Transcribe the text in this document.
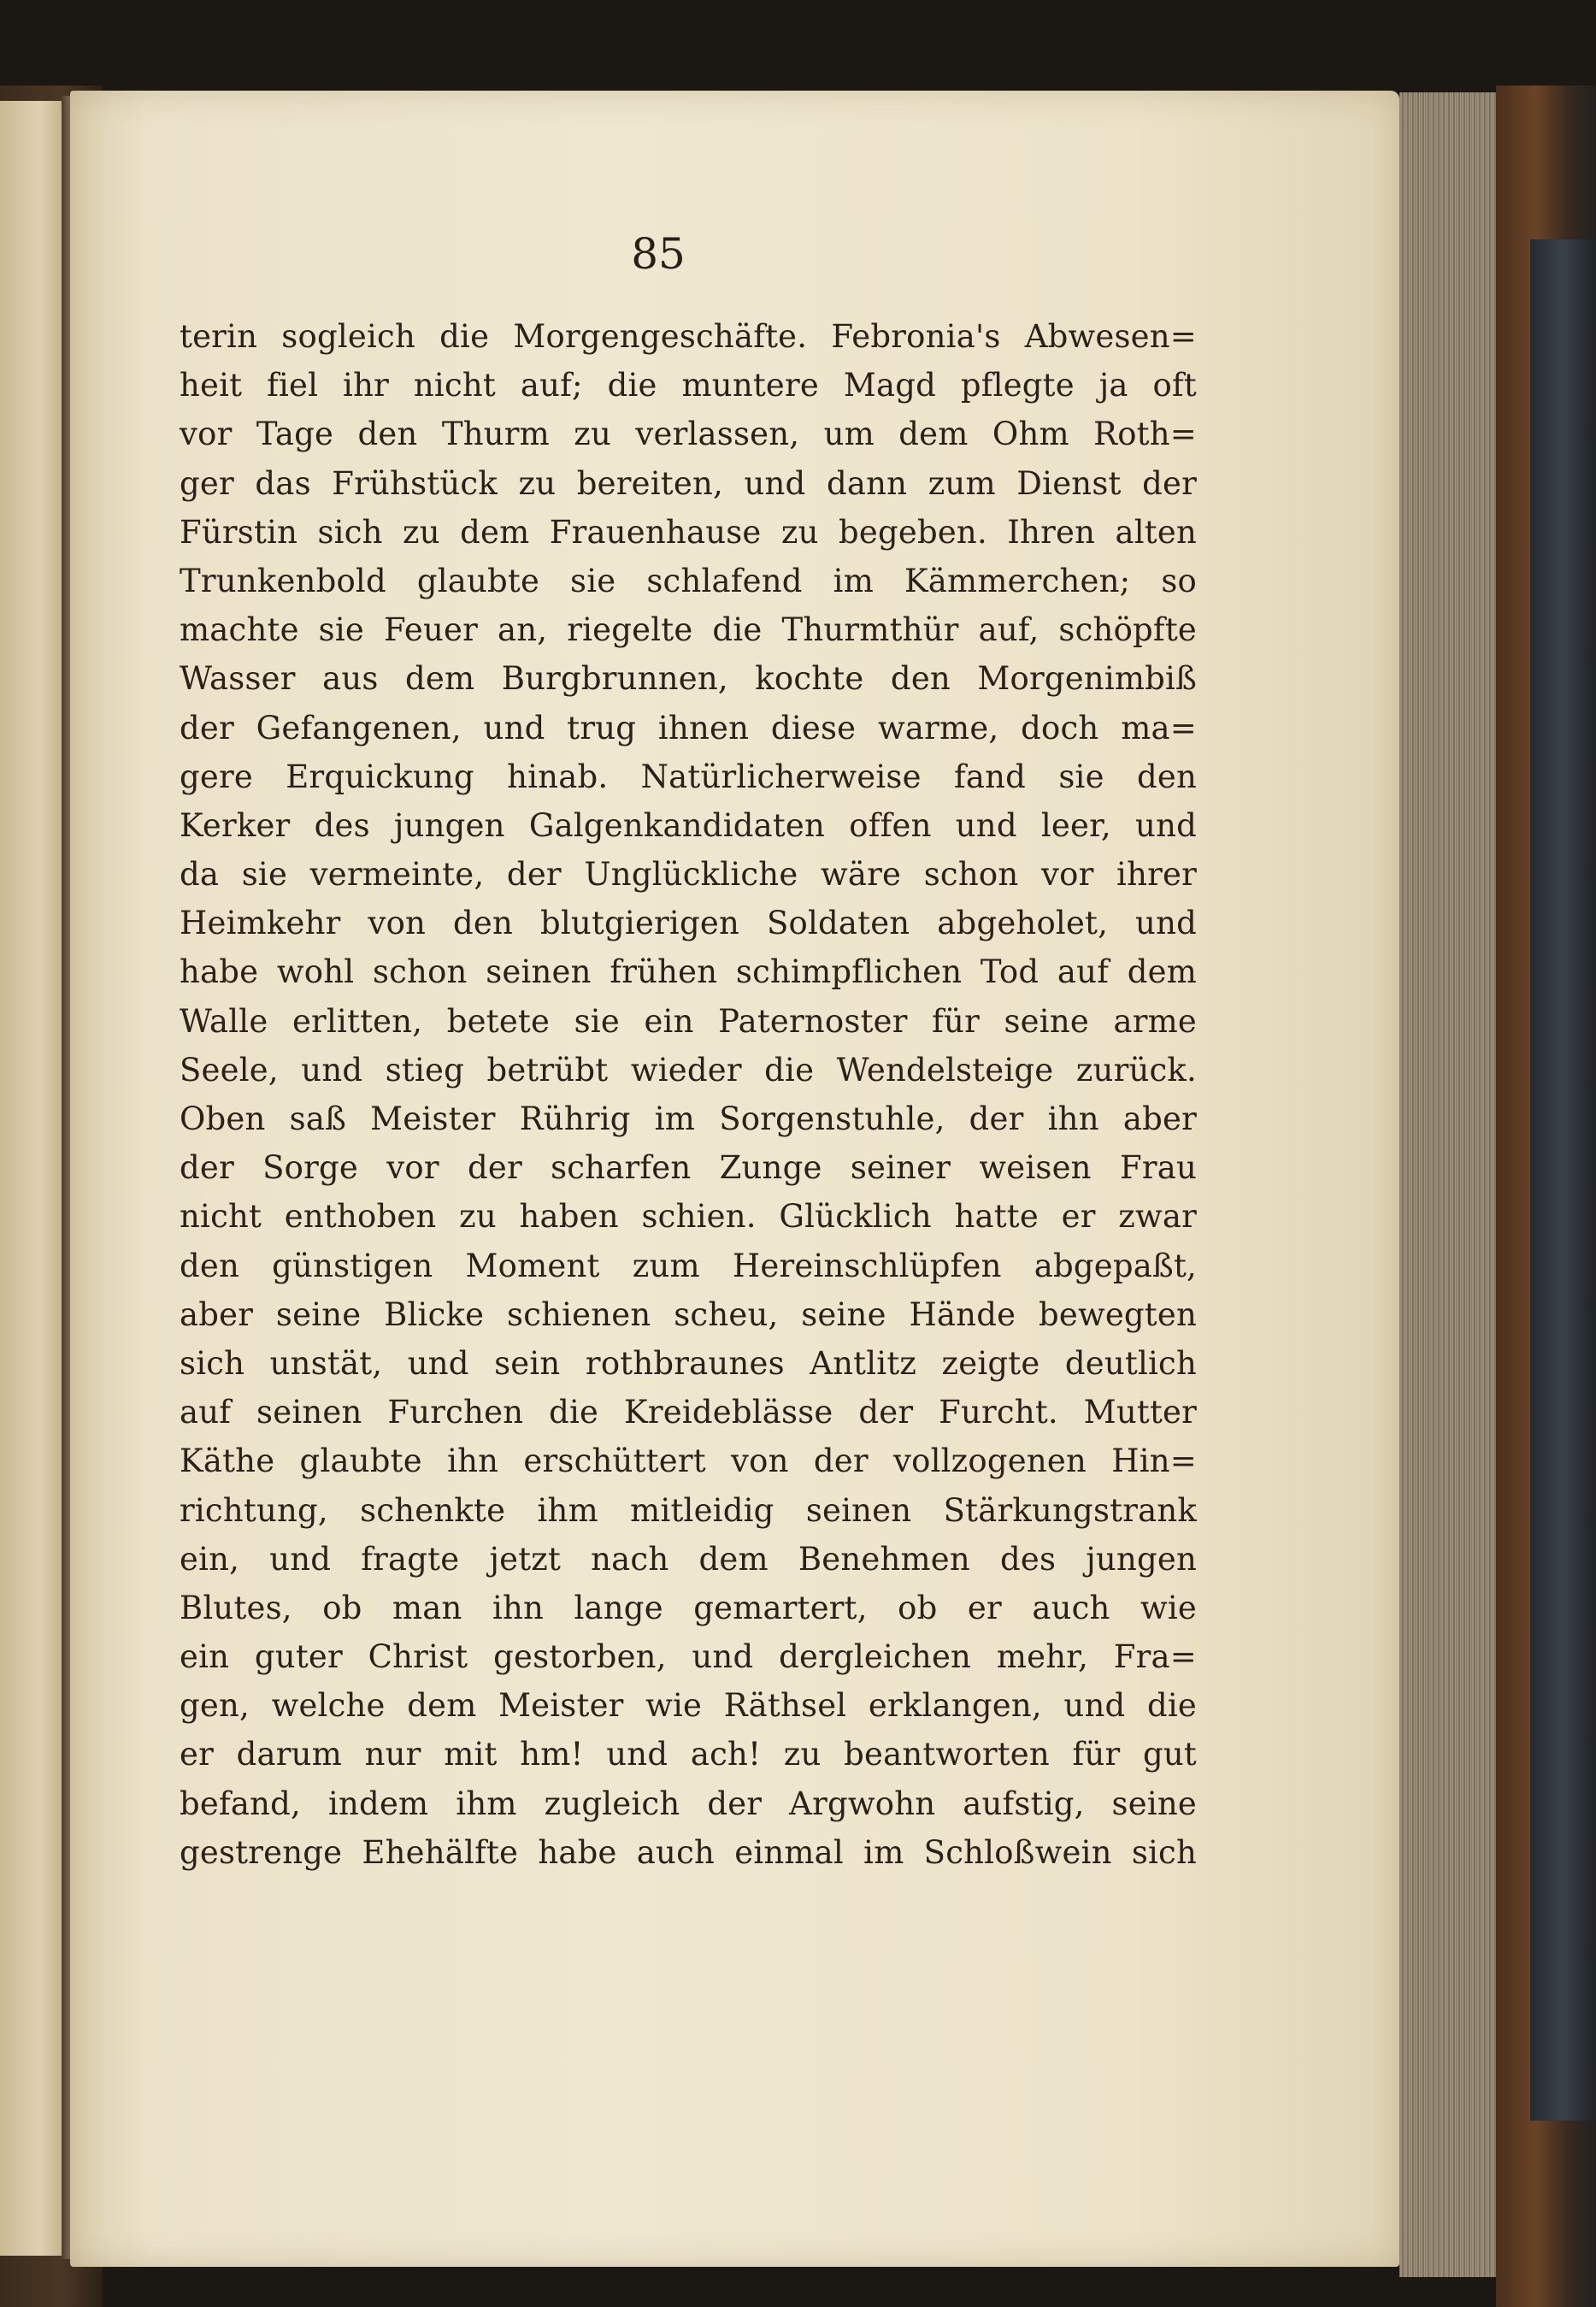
85
terin sogleich die Morgengeschäfte. Febronia's Abwesen=
heit fiel ihr nicht auf; die muntere Magd pflegte ja oft
vor Tage den Thurm zu verlassen, um dem Ohm Roth=
ger das Frühstück zu bereiten, und dann zum Dienst der
Fürstin sich zu dem Frauenhause zu begeben. Ihren alten
Trunkenbold glaubte sie schlafend im Kämmerchen; so
machte sie Feuer an, riegelte die Thurmthür auf, schöpfte
Wasser aus dem Burgbrunnen, kochte den Morgenimbiß
der Gefangenen, und trug ihnen diese warme, doch ma=
gere Erquickung hinab. Natürlicherweise fand sie den
Kerker des jungen Galgenkandidaten offen und leer, und
da sie vermeinte, der Unglückliche wäre schon vor ihrer
Heimkehr von den blutgierigen Soldaten abgeholet, und
habe wohl schon seinen frühen schimpflichen Tod auf dem
Walle erlitten, betete sie ein Paternoster für seine arme
Seele, und stieg betrübt wieder die Wendelsteige zurück.
Oben saß Meister Rührig im Sorgenstuhle, der ihn aber
der Sorge vor der scharfen Zunge seiner weisen Frau
nicht enthoben zu haben schien. Glücklich hatte er zwar
den günstigen Moment zum Hereinschlüpfen abgepaßt,
aber seine Blicke schienen scheu, seine Hände bewegten
sich unstät, und sein rothbraunes Antlitz zeigte deutlich
auf seinen Furchen die Kreideblässe der Furcht. Mutter
Käthe glaubte ihn erschüttert von der vollzogenen Hin=
richtung, schenkte ihm mitleidig seinen Stärkungstrank
ein, und fragte jetzt nach dem Benehmen des jungen
Blutes, ob man ihn lange gemartert, ob er auch wie
ein guter Christ gestorben, und dergleichen mehr, Fra=
gen, welche dem Meister wie Räthsel erklangen, und die
er darum nur mit hm! und ach! zu beantworten für gut
befand, indem ihm zugleich der Argwohn aufstig, seine
gestrenge Ehehälfte habe auch einmal im Schloßwein sich
